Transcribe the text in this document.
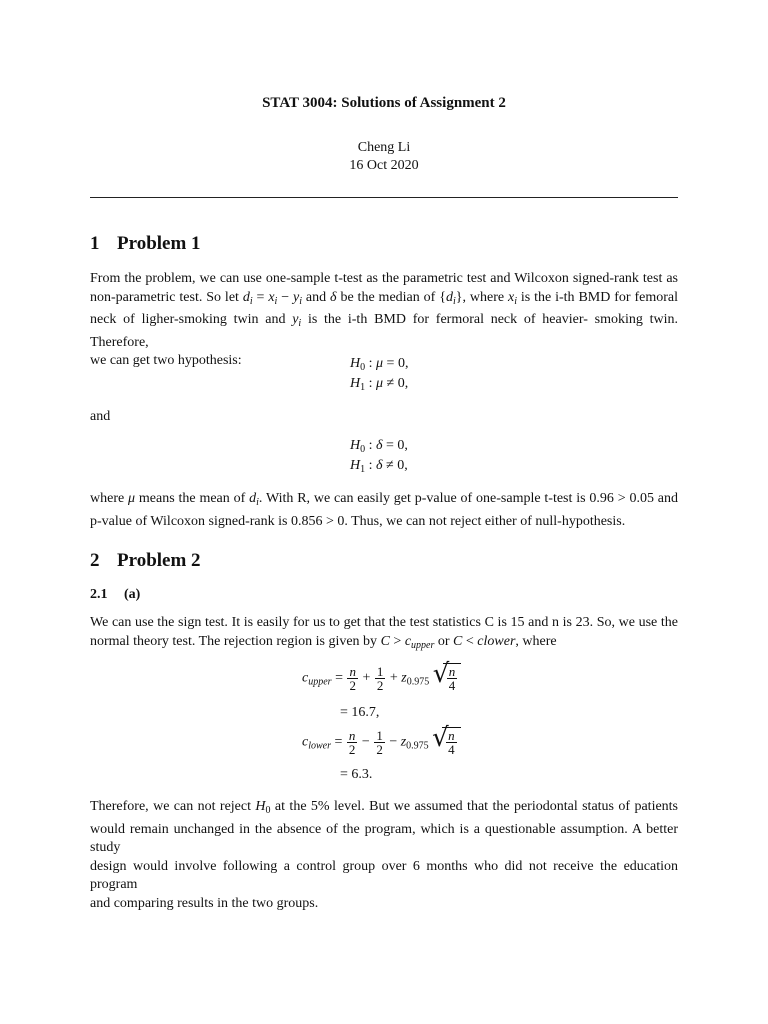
STAT 3004: Solutions of Assignment 2
Cheng Li
16 Oct 2020
1 Problem 1
From the problem, we can use one-sample t-test as the parametric test and Wilcoxon signed-rank test as
non-parametric test. So let $d_i = x_i - y_i$ and δ be the median of $\{d_i\}$, where $x_i$ is the i-th BMD for femoral
neck of ligher-smoking twin and $y_i$ is the i-th BMD for fermoral neck of heavier- smoking twin. Therefore,
we can get two hypothesis:	$H_0$ : μ = 0,
$H_1$ : μ ≠ 0,
and
$H_0$ : δ = 0,
$H_1$ : δ ≠ 0,
where μ means the mean of $d_i$. With R, we can easily get p-value of one-sample t-test is 0.96 > 0.05 and
p-value of Wilcoxon signed-rank is 0.856 > 0. Thus, we can not reject either of null-hypothesis.
2 Problem 2
2.1 (a)
We can use the sign test. It is easily for us to get that the test statistics C is 15 and n is 23. So, we use the
normal theory test. The rejection region is given by $C > c_{upper}$ or C < clower, where
$c_{upper} = \frac{n}{2} + \frac{1}{2} + z_{0.975}$ √
$\frac{n}{4}$
= 16.7,
$c_{lower} = \frac{n}{2} - \frac{1}{2} - z_{0.975}$ √
$\frac{n}{4}$
= 6.3.
Therefore, we can not reject $H_0$ at the 5% level. But we assumed that the periodontal status of patients
would remain unchanged in the absence of the program, which is a questionable assumption. A better study
design would involve following a control group over 6 months who did not receive the education program
and comparing results in the two groups.
